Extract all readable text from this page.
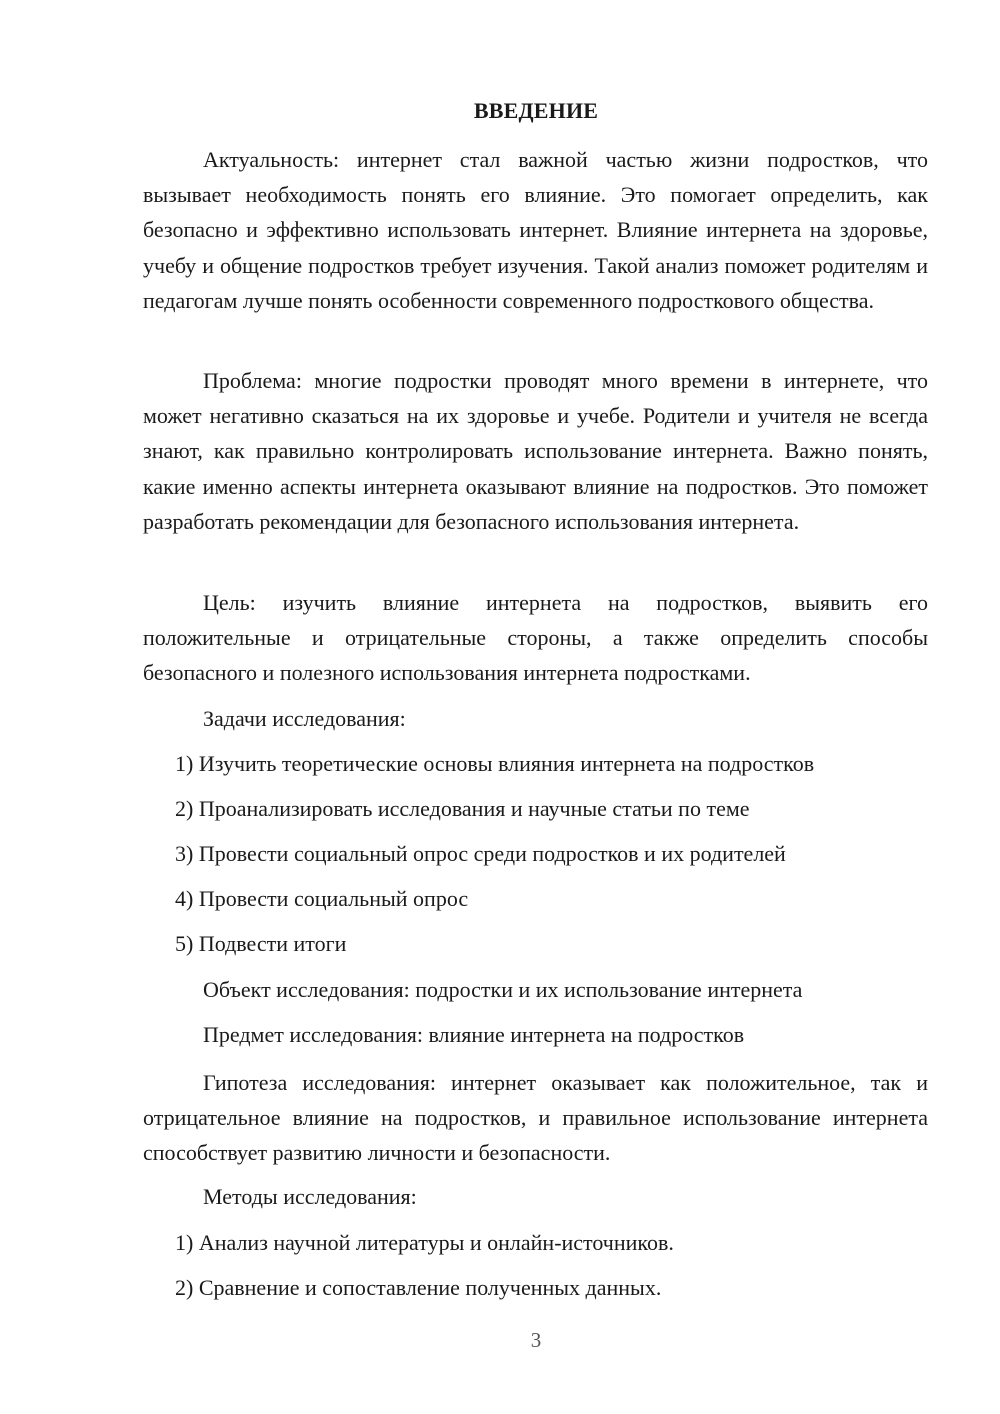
ВВЕДЕНИЕ

Актуальность: интернет стал важной частью жизни подростков, что вызывает необходимость понять его влияние. Это помогает определить, как безопасно и эффективно использовать интернет. Влияние интернета на здоровье, учебу и общение подростков требует изучения. Такой анализ поможет родителям и педагогам лучше понять особенности современного подросткового общества.

Проблема: многие подростки проводят много времени в интернете, что может негативно сказаться на их здоровье и учебе. Родители и учителя не всегда знают, как правильно контролировать использование интернета. Важно понять, какие именно аспекты интернета оказывают влияние на подростков. Это поможет разработать рекомендации для безопасного использования интернета.

Цель: изучить влияние интернета на подростков, выявить его положительные и отрицательные стороны, а также определить способы безопасного и полезного использования интернета подростками.

Задачи исследования:
1) Изучить теоретические основы влияния интернета на подростков
2) Проанализировать исследования и научные статьи по теме
3) Провести социальный опрос среди подростков и их родителей
4) Провести социальный опрос
5) Подвести итоги
Объект исследования: подростки и их использование интернета
Предмет исследования: влияние интернета на подростков

Гипотеза исследования: интернет оказывает как положительное, так и отрицательное влияние на подростков, и правильное использование интернета способствует развитию личности и безопасности.

Методы исследования:
1) Анализ научной литературы и онлайн-источников.
2) Сравнение и сопоставление полученных данных.
3
